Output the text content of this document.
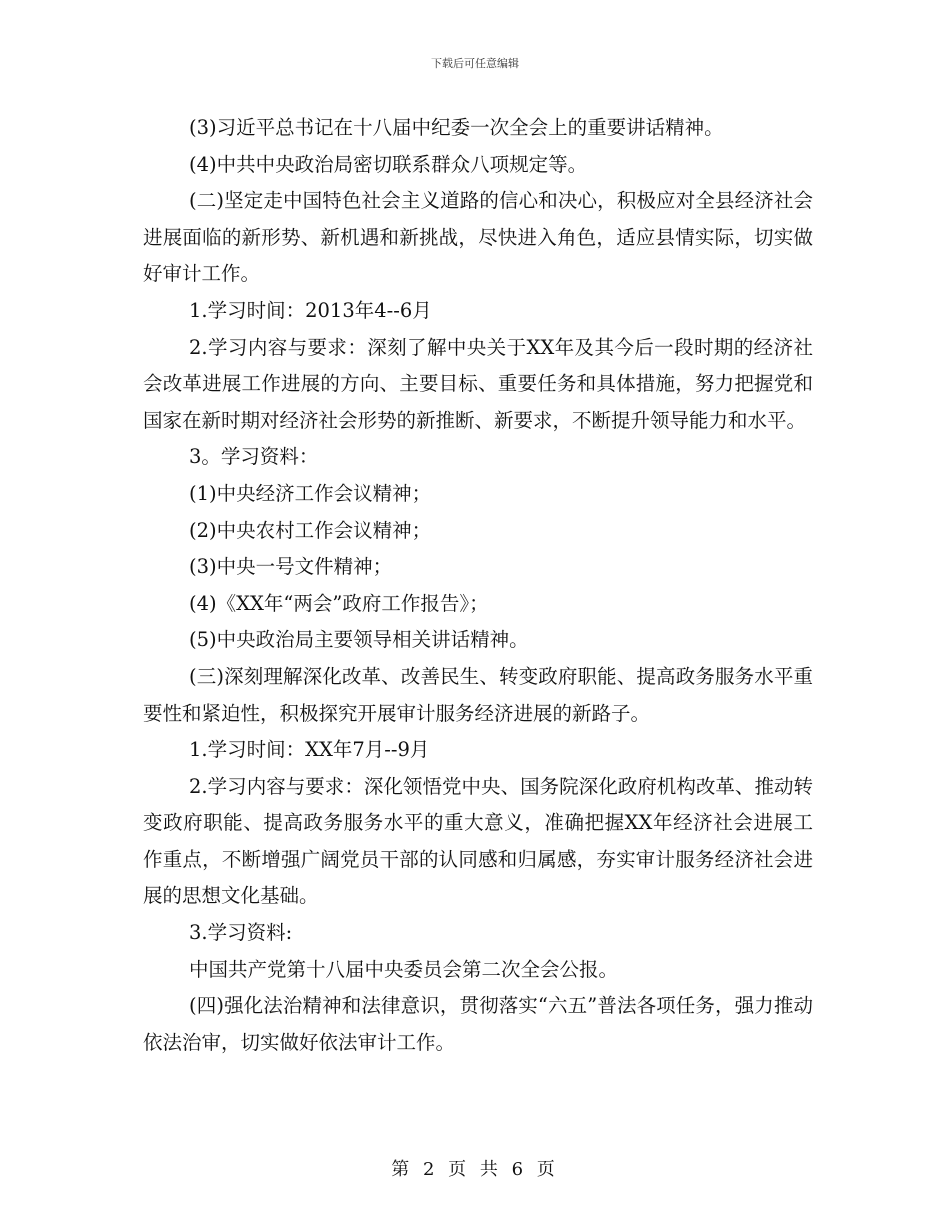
下载后可任意编辑

(3)习近平总书记在十八届中纪委一次全会上的重要讲话精神。

(4)中共中央政治局密切联系群众八项规定等。

(二)坚定走中国特色社会主义道路的信心和决心，积极应对全县经济社会进展面临的新形势、新机遇和新挑战，尽快进入角色，适应县情实际，切实做好审计工作。

1.学习时间：2013年4--6月

2.学习内容与要求：深刻了解中央关于XX年及其今后一段时期的经济社会改革进展工作进展的方向、主要目标、重要任务和具体措施，努力把握党和国家在新时期对经济社会形势的新推断、新要求，不断提升领导能力和水平。

3。学习资料：

(1)中央经济工作会议精神；

(2)中央农村工作会议精神；

(3)中央一号文件精神；

(4)《XX年“两会”政府工作报告》；

(5)中央政治局主要领导相关讲话精神。

(三)深刻理解深化改革、改善民生、转变政府职能、提高政务服务水平重要性和紧迫性，积极探究开展审计服务经济进展的新路子。

1.学习时间：XX年7月--9月

2.学习内容与要求：深化领悟党中央、国务院深化政府机构改革、推动转变政府职能、提高政务服务水平的重大意义，准确把握XX年经济社会进展工作重点，不断增强广阔党员干部的认同感和归属感，夯实审计服务经济社会进展的思想文化基础。

3.学习资料:

中国共产党第十八届中央委员会第二次全会公报。

(四)强化法治精神和法律意识，贯彻落实“六五”普法各项任务，强力推动依法治审，切实做好依法审计工作。

第 2 页 共 6 页
